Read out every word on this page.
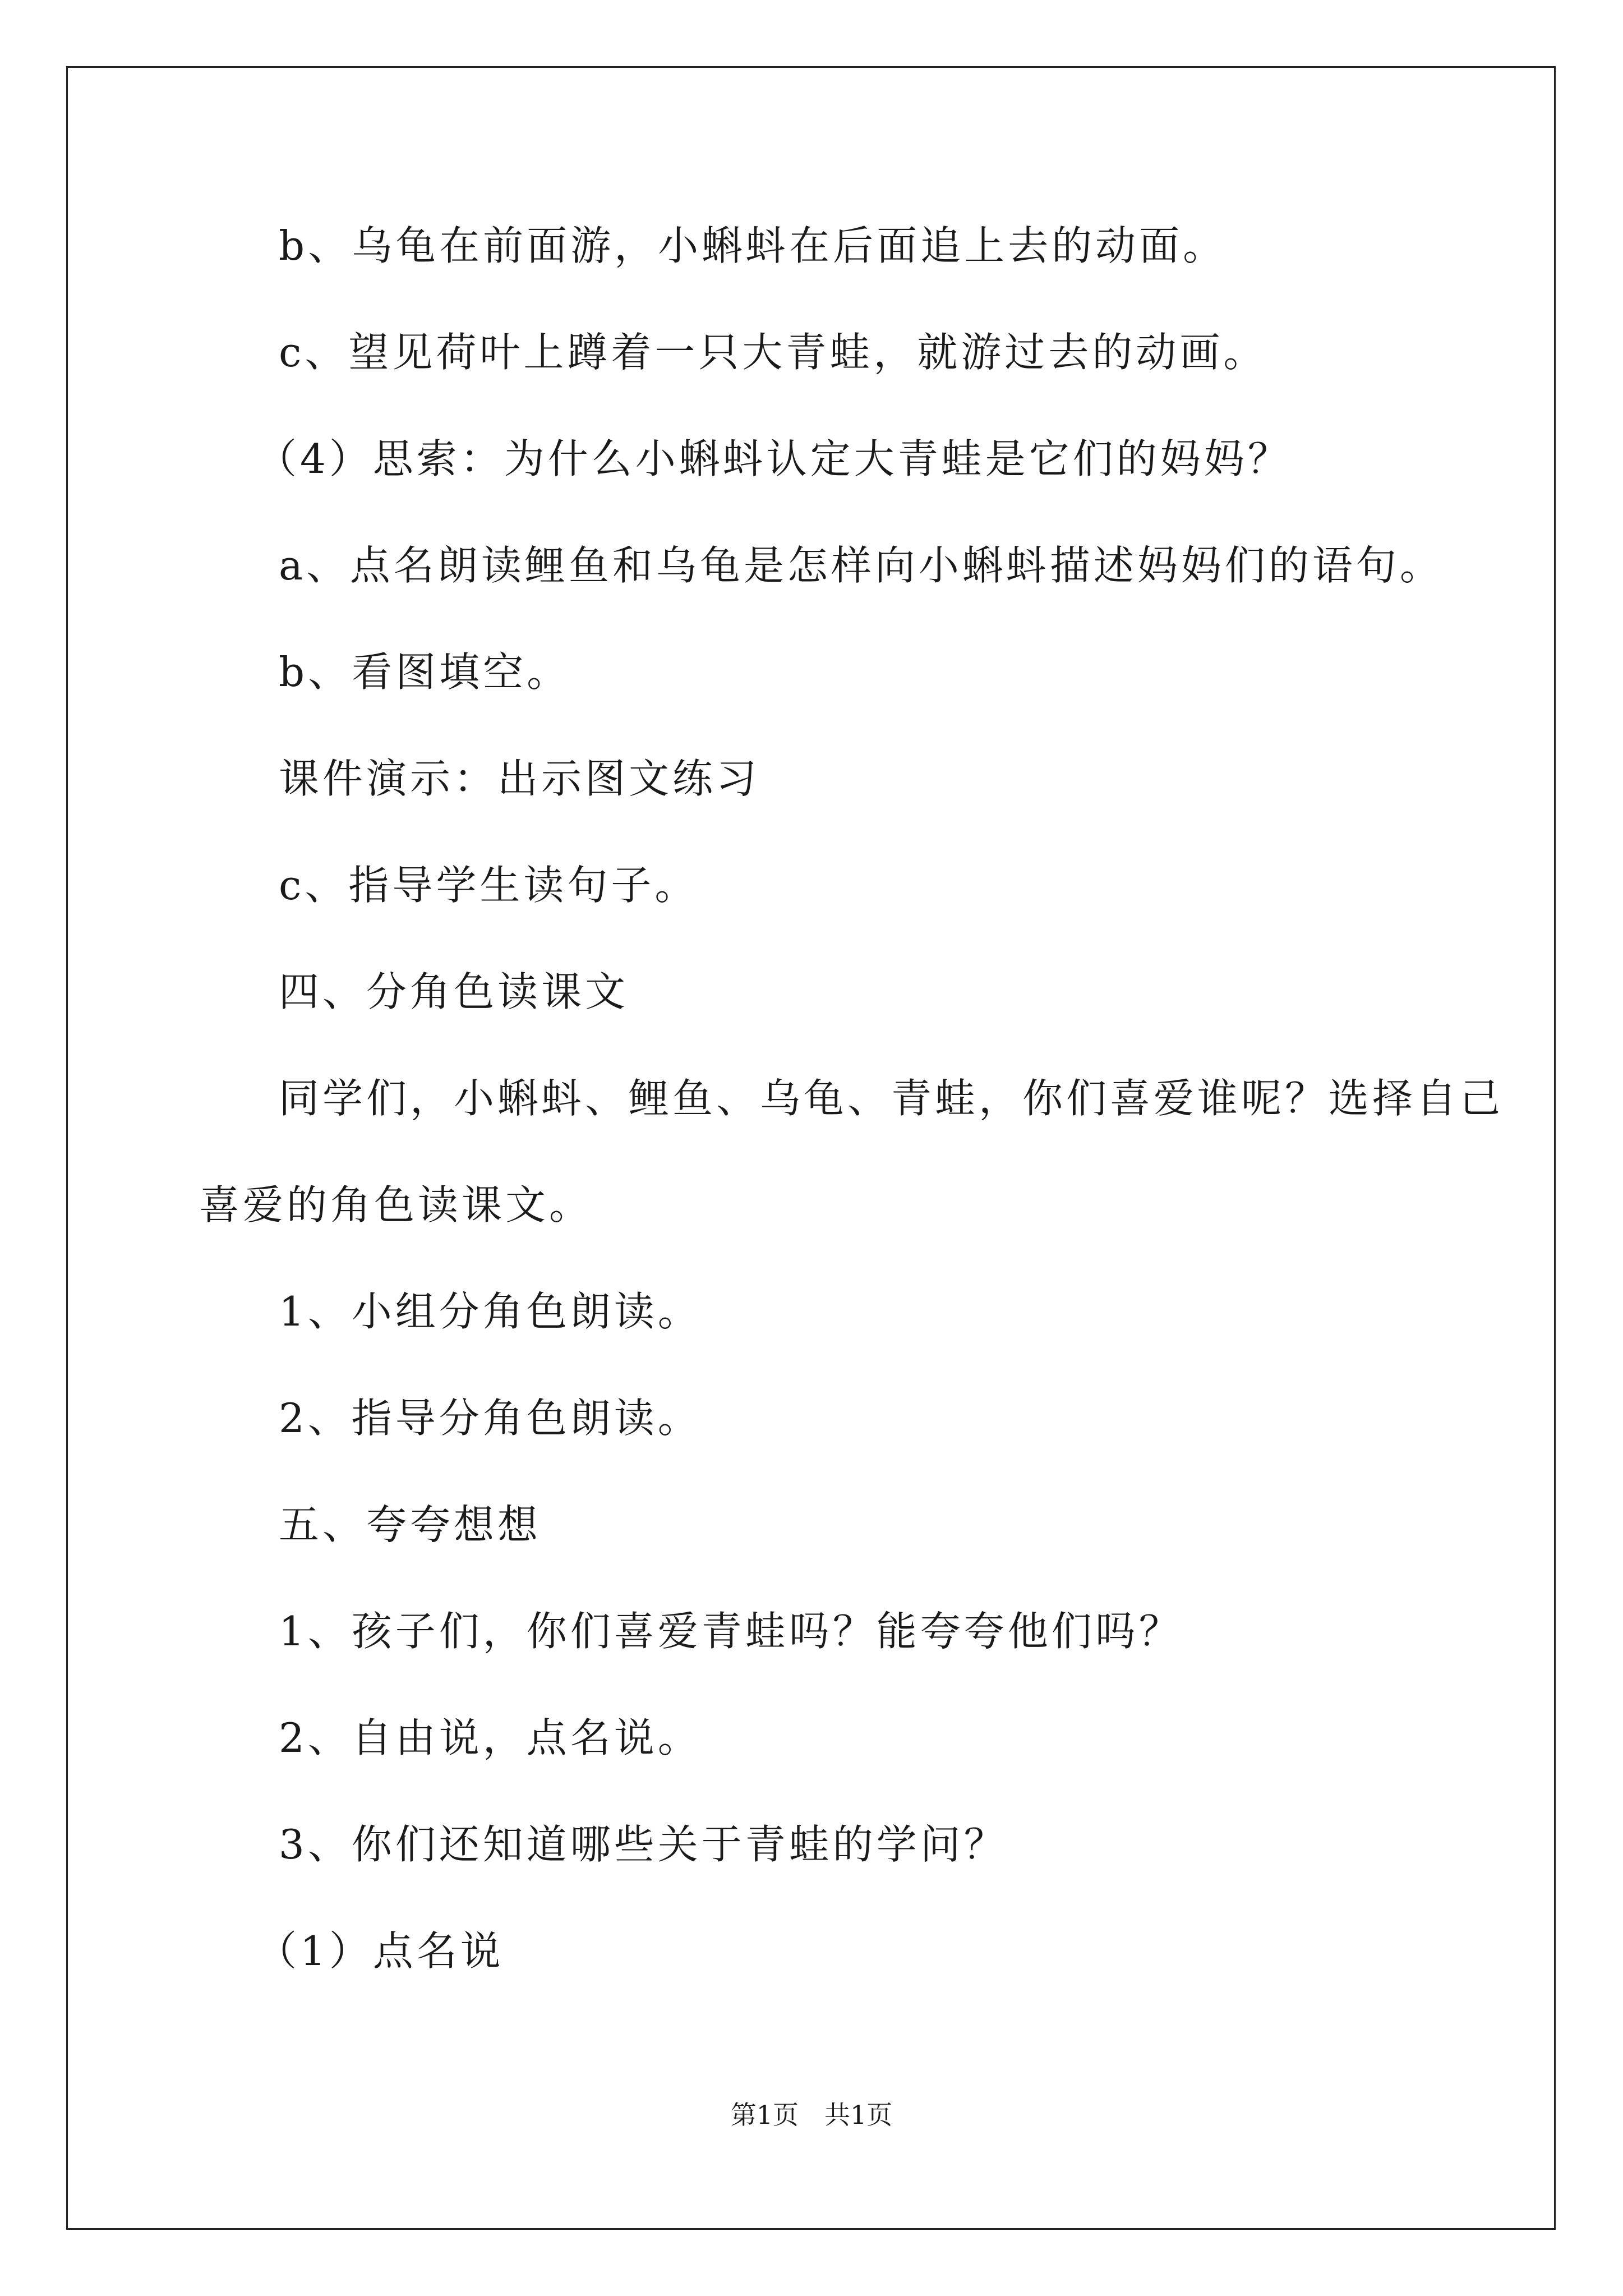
b、乌龟在前面游，小蝌蚪在后面追上去的动面。
c、望见荷叶上蹲着一只大青蛙，就游过去的动画。
（4）思索：为什么小蝌蚪认定大青蛙是它们的妈妈？
a、点名朗读鲤鱼和乌龟是怎样向小蝌蚪描述妈妈们的语句。
b、看图填空。
课件演示：出示图文练习
c、指导学生读句子。
四、分角色读课文
同学们，小蝌蚪、鲤鱼、乌龟、青蛙，你们喜爱谁呢？选择自己
喜爱的角色读课文。
1、小组分角色朗读。
2、指导分角色朗读。
五、夸夸想想
1、孩子们，你们喜爱青蛙吗？能夸夸他们吗？
2、自由说，点名说。
3、你们还知道哪些关于青蛙的学问？
（1）点名说
第1页　共1页
